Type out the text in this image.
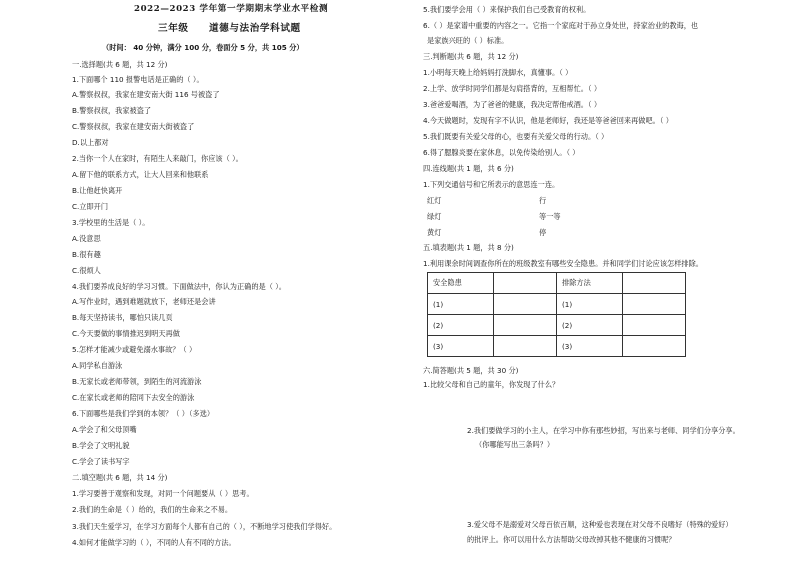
2022—2023 学年第一学期期末学业水平检测
三年级　　道德与法治学科试题
（时间： 40 分钟，满分 100 分，卷面分 5 分，共 105 分）
一.选择题(共 6 题，共 12 分)
1.下面哪个 110 报警电话是正确的（ ）。
A.警察叔叔，我家在建安南大街 116 号被盗了
B.警察叔叔，我家被盗了
C.警察叔叔，我家在建安南大街被盗了
D.以上都对
2.当你一个人在家时，有陌生人来敲门，你应该（ ）。
A.留下他的联系方式，让大人回来和他联系
B.让他赶快离开
C.立即开门
3.学校里的生活是（ ）。
A.没意思
B.很有趣
C.很烦人
4.我们要养成良好的学习习惯。下面做法中，你认为正确的是（ ）。
A.写作业时，遇到难题就放下，老师还是会讲
B.每天坚持读书，哪怕只读几页
C.今天要做的事情推迟到明天再做
5.怎样才能减少或避免溺水事故？（ ）
A.同学私自游泳
B.无家长或老师带领，到陌生的河流游泳
C.在家长或老师的陪同下去安全的游泳
6.下面哪些是我们学到的本领？（ ）（多选）
A.学会了和父母顶嘴
B.学会了文明礼貌
C.学会了读书写字
二.填空题(共 6 题，共 14 分)
1.学习要善于观察和发现，对同一个问题要从（ ）思考。
2.我们的生命是（ ）给的，我们的生命来之不易。
3.我们天生爱学习，在学习方面每个人都有自己的（ ），不断地学习使我们学得好。
4.如何才能做学习的（ ），不同的人有不同的方法。
5.我们要学会用（ ）来保护我们自己受教育的权利。
6.（ ）是家谱中重要的内容之一。它指一个家庭对于孙立身处世，持家治业的教诲，也
是家族兴旺的（ ）标准。
三.判断题(共 6 题，共 12 分)
1.小明每天晚上给妈妈打洗脚水，真懂事。（ ）
2.上学、放学时同学们都是勾肩搭背的，互相帮忙。（ ）
3.爸爸爱喝酒，为了爸爸的健康，我决定帮他戒酒。（ ）
4.今天做题时，发现有字不认识，他是老师好，我还是等爸爸回来再做吧。（ ）
5.我们既要有关爱父母的心，也要有关爱父母的行动。（ ）
6.得了腮腺炎要在家休息，以免传染给别人。（ ）
四.连线题(共 1 题，共 6 分)
1.下列交通信号和它所表示的意思连一连。
红灯	行
绿灯	等一等
黄灯	停
五.填表题(共 1 题，共 8 分)
1.利用课余时间调查你所在的班级教室有哪些安全隐患。并和同学们讨论应该怎样排除。
安全隐患		排除方法	
(1)		(1)	
(2)		(2)	
(3)		(3)	
六.简答题(共 5 题，共 30 分)
1.比较父母和自己的童年，你发现了什么？
2.我们要做学习的小主人，在学习中你有那些妙招，写出来与老师、同学们分享分享。
（你哪能写出三条吗？）
3.爱父母不是溺爱对父母百依百顺，这种爱也表现在对父母不良嗜好（特殊的爱好）
的批评上。你可以用什么方法帮助父母改掉其他不健康的习惯呢？
